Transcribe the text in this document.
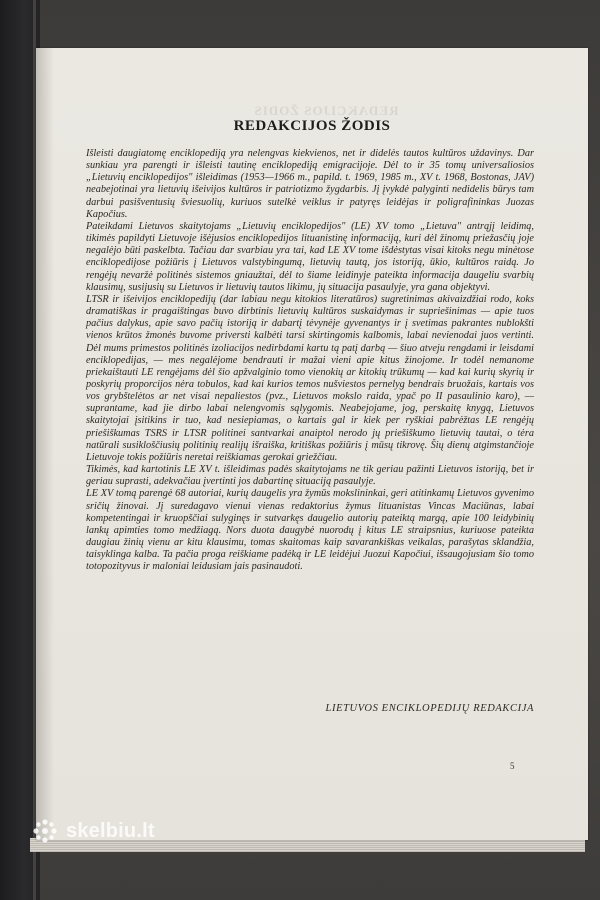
REDAKCIJOS ŽODIS
REDAKCIJOS ŽODIS

Išleisti daugiatomę enciklopediją yra nelengvas kiekvienos, net ir didelės tautos kultūros uždavinys. Dar sunkiau yra parengti ir išleisti tautinę enciklopediją emigracijoje. Dėl to ir 35 tomų universaliosios „Lietuvių enciklopedijos" išleidimas (1953—1966 m., papild. t. 1969, 1985 m., XV t. 1968, Bostonas, JAV) neabejotinai yra lietuvių išeivijos kultūros ir patriotizmo žygdarbis. Jį įvykdė palyginti nedidelis būrys tam darbui pasišventusių šviesuolių, kuriuos sutelkė veiklus ir patyręs leidėjas ir poligrafininkas Juozas Kapočius.

Pateikdami Lietuvos skaitytojams „Lietuvių enciklopedijos" (LE) XV tomo „Lietuva" antrąjį leidimą, tikimės papildyti Lietuvoje išėjusios enciklopedijos lituanistinę informaciją, kuri dėl žinomų priežasčių joje negalėjo būti paskelbta. Tačiau dar svarbiau yra tai, kad LE XV tome išdėstytas visai kitoks negu minėtose enciklopedijose požiūris į Lietuvos valstybingumą, lietuvių tautą, jos istoriją, ūkio, kultūros raidą. Jo rengėjų nevaržė politinės sistemos gniaužtai, dėl to šiame leidinyje pateikta informacija daugeliu svarbių klausimų, susijusių su Lietuvos ir lietuvių tautos likimu, jų situacija pasaulyje, yra gana objektyvi.

LTSR ir išeivijos enciklopedijų (dar labiau negu kitokios literatūros) sugretinimas akivaizdžiai rodo, koks dramatiškas ir pragaištingas buvo dirbtinis lietuvių kultūros suskaidymas ir supriešinimas — apie tuos pačius dalykus, apie savo pačių istoriją ir dabartį tėvynėje gyvenantys ir į svetimas pakrantes nublokšti vienos krūtos žmonės buvome priversti kalbėti tarsi skirtingomis kalbomis, labai nevienodai juos vertinti. Dėl mums primestos politinės izoliacijos nedirbdami kartu tą patį darbą — šiuo atveju rengdami ir leisdami enciklopedijas, — mes negalėjome bendrauti ir mažai vieni apie kitus žinojome. Ir todėl nemanome priekaištauti LE rengėjams dėl šio apžvalginio tomo vienokių ar kitokių trūkumų — kad kai kurių skyrių ir poskyrių proporcijos nėra tobulos, kad kai kurios temos nušviestos pernelyg bendrais bruožais, kartais vos vos grybštelėtos ar net visai nepaliestos (pvz., Lietuvos mokslo raida, ypač po II pasaulinio karo), — suprantame, kad jie dirbo labai nelengvomis sąlygomis. Neabejojame, jog, perskaitę knygą, Lietuvos skaitytojai įsitikins ir tuo, kad nesiepiamas, o kartais gal ir kiek per ryškiai pabrėžtas LE rengėjų priešiškumas TSRS ir LTSR politinei santvarkai anaiptol nerodo jų priešiškumo lietuvių tautai, o tėra natūrali susikloščiusių politinių realijų išraiška, kritiškas požiūris į mūsų tikrovę. Šių dienų atgimstančioje Lietuvoje tokis požiūris neretai reiškiamas gerokai griežčiau.

Tikimės, kad kartotinis LE XV t. išleidimas padės skaitytojams ne tik geriau pažinti Lietuvos istoriją, bet ir geriau suprasti, adekvačiau įvertinti jos dabartinę situaciją pasaulyje.

LE XV tomą parengė 68 autoriai, kurių daugelis yra žymūs mokslininkai, geri atitinkamų Lietuvos gyvenimo sričių žinovai. Jį suredagavo vienui vienas redaktorius žymus lituanistas Vincas Maciūnas, labai kompetentingai ir kruopščiai sulyginęs ir sutvarkęs daugelio autorių pateiktą margą, apie 100 leidybinių lankų apimties tomo medžiagą. Nors duota daugybė nuorodų į kitus LE straipsnius, kuriuose pateikta daugiau žinių vienu ar kitu klausimu, tomas skaitomas kaip savarankiškas veikalas, parašytas sklandžia, taisyklinga kalba. Ta pačia proga reiškiame padėką ir LE leidėjui Juozui Kapočiui, išsaugojusiam šio tomo totopozityvus ir maloniai leidusiam jais pasinaudoti.

LIETUVOS ENCIKLOPEDIJŲ REDAKCIJA
5
skelbiu.lt
